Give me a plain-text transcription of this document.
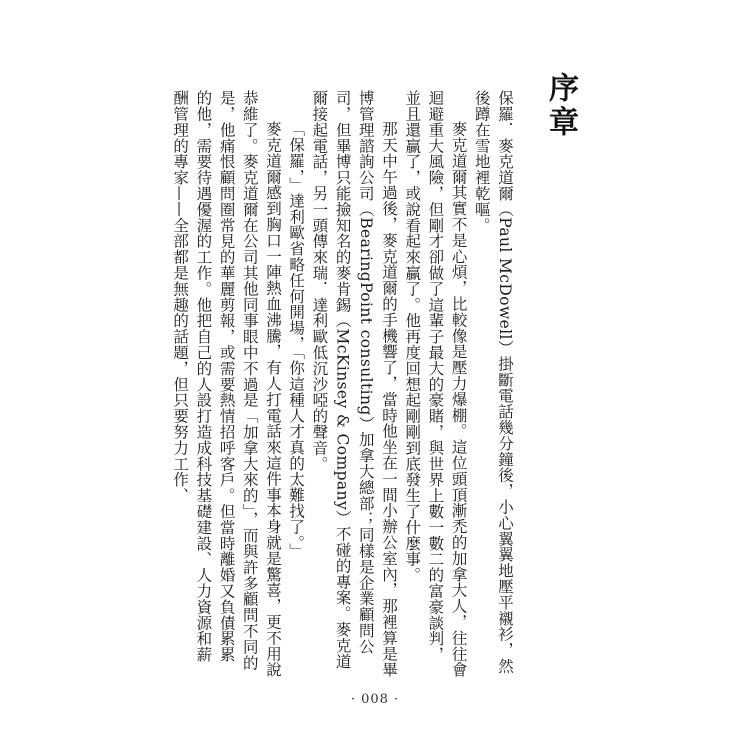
序章

保羅．麥克道爾（Paul McDowell）掛斷電話幾分鐘後，小心翼翼地壓平襯衫，然後蹲在雪地裡乾嘔。

麥克道爾其實不是心煩，比較像是壓力爆棚。這位頭頂漸禿的加拿大人，往往會迴避重大風險，但剛才卻做了這輩子最大的豪賭，與世界上數一數二的富豪談判，並且還贏了，或說看起來贏了。他再度回想起剛剛到底發生了什麼事。

那天中午過後，麥克道爾的手機響了，當時他坐在一間小辦公室內，那裡算是畢博管理諮詢公司（BearingPoint consulting）加拿大總部；同樣是企業顧問公司，但畢博只能撿知名的麥肯錫（McKinsey & Company）不碰的專案。麥克道爾接起電話，另一頭傳來瑞．達利歐低沉沙啞的聲音。

「保羅，」達利歐省略任何開場，「你這種人才真的太難找了。」

麥克道爾感到胸口一陣熱血沸騰，有人打電話來這件事本身就是驚喜，更不用說恭維了。麥克道爾在公司其他同事眼中不過是「加拿大來的」，而與許多顧問不同的是，他痛恨顧問圈常見的華麗剪報，或需要熱情招呼客戶。但當時離婚又負債累累的他，需要待遇優渥的工作。他把自己的人設打造成科技基礎建設、人力資源和薪酬管理的專家——全部都是無趣的話題，但只要努力工作、

· 008 ·
